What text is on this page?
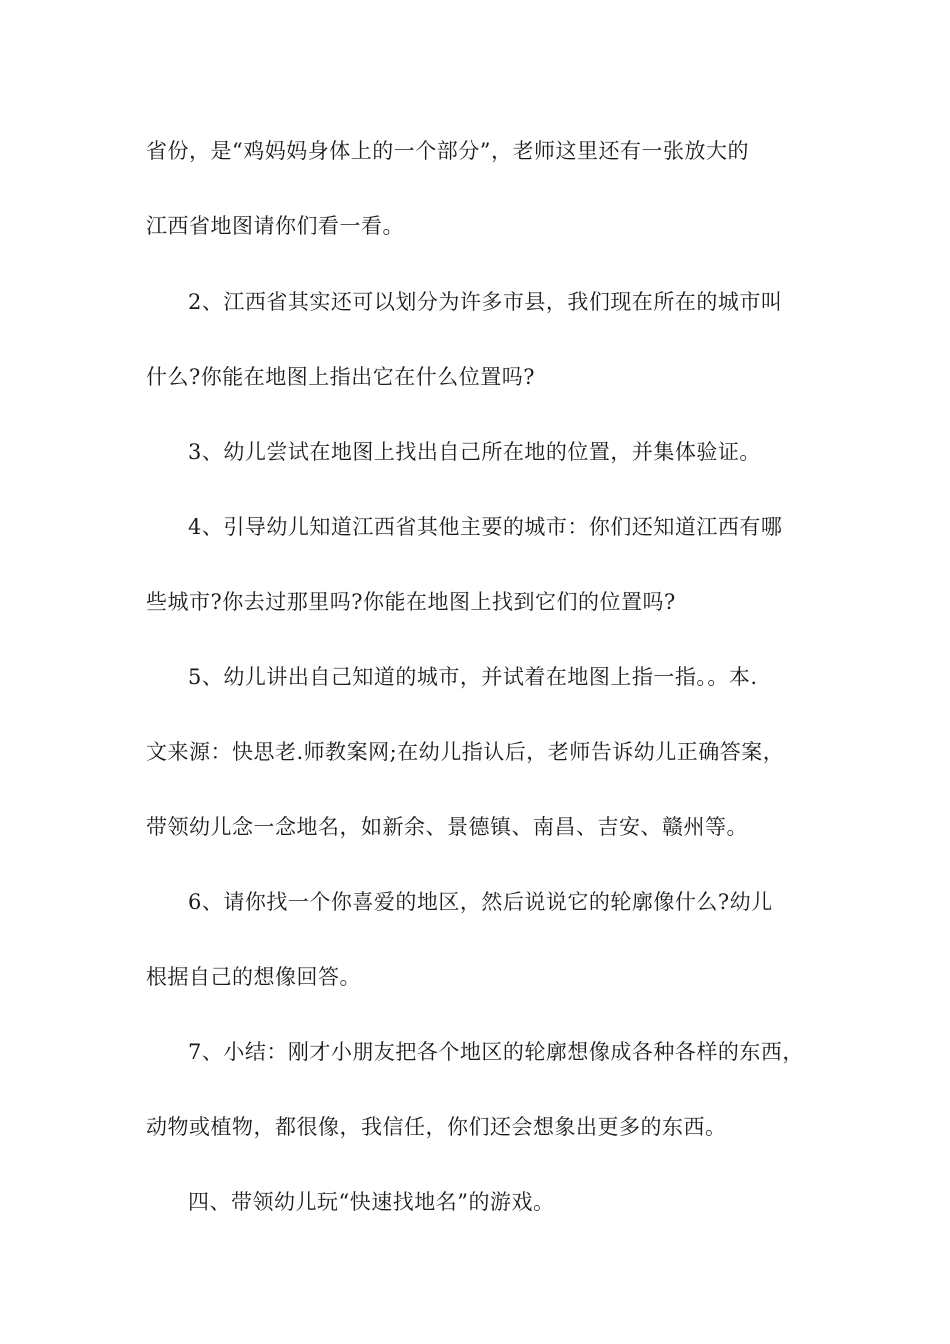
省份，是“鸡妈妈身体上的一个部分”，老师这里还有一张放大的
江西省地图请你们看一看。
2、江西省其实还可以划分为许多市县，我们现在所在的城市叫
什么?你能在地图上指出它在什么位置吗?
3、幼儿尝试在地图上找出自己所在地的位置，并集体验证。
4、引导幼儿知道江西省其他主要的城市：你们还知道江西有哪
些城市?你去过那里吗?你能在地图上找到它们的位置吗?
5、幼儿讲出自己知道的城市，并试着在地图上指一指。。本.
文来源：快思老.师教案网;在幼儿指认后，老师告诉幼儿正确答案，
带领幼儿念一念地名，如新余、景德镇、南昌、吉安、赣州等。
6、请你找一个你喜爱的地区，然后说说它的轮廓像什么?幼儿
根据自己的想像回答。
7、小结：刚才小朋友把各个地区的轮廓想像成各种各样的东西，
动物或植物，都很像，我信任，你们还会想象出更多的东西。
四、带领幼儿玩“快速找地名”的游戏。
